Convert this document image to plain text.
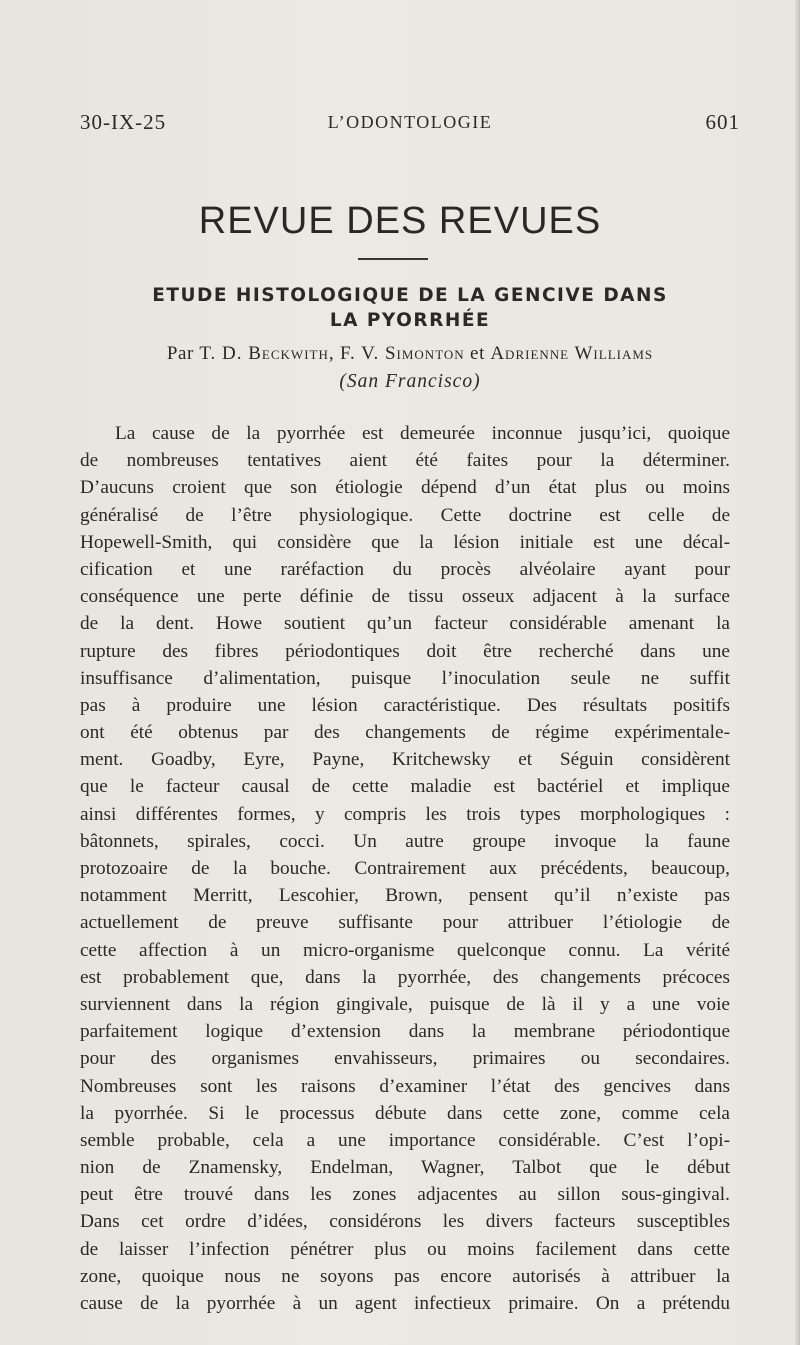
30-IX-25	L’ODONTOLOGIE	601
REVUE DES REVUES
ETUDE HISTOLOGIQUE DE LA GENCIVE DANS
LA PYORRHÉE
Par T. D. Beckwith, F. V. Simonton et Adrienne Williams
(San Francisco)
La cause de la pyorrhée est demeurée inconnue jusqu’ici, quoique
de nombreuses tentatives aient été faites pour la déterminer.
D’aucuns croient que son étiologie dépend d’un état plus ou moins
généralisé de l’être physiologique. Cette doctrine est celle de
Hopewell-Smith, qui considère que la lésion initiale est une décal-
cification et une raréfaction du procès alvéolaire ayant pour
conséquence une perte définie de tissu osseux adjacent à la surface
de la dent. Howe soutient qu’un facteur considérable amenant la
rupture des fibres périodontiques doit être recherché dans une
insuffisance d’alimentation, puisque l’inoculation seule ne suffit
pas à produire une lésion caractéristique. Des résultats positifs
ont été obtenus par des changements de régime expérimentale-
ment. Goadby, Eyre, Payne, Kritchewsky et Séguin considèrent
que le facteur causal de cette maladie est bactériel et implique
ainsi différentes formes, y compris les trois types morphologiques :
bâtonnets, spirales, cocci. Un autre groupe invoque la faune
protozoaire de la bouche. Contrairement aux précédents, beaucoup,
notamment Merritt, Lescohier, Brown, pensent qu’il n’existe pas
actuellement de preuve suffisante pour attribuer l’étiologie de
cette affection à un micro-organisme quelconque connu. La vérité
est probablement que, dans la pyorrhée, des changements précoces
surviennent dans la région gingivale, puisque de là il y a une voie
parfaitement logique d’extension dans la membrane périodontique
pour des organismes envahisseurs, primaires ou secondaires.
Nombreuses sont les raisons d’examiner l’état des gencives dans
la pyorrhée. Si le processus débute dans cette zone, comme cela
semble probable, cela a une importance considérable. C’est l’opi-
nion de Znamensky, Endelman, Wagner, Talbot que le début
peut être trouvé dans les zones adjacentes au sillon sous-gingival.
Dans cet ordre d’idées, considérons les divers facteurs susceptibles
de laisser l’infection pénétrer plus ou moins facilement dans cette
zone, quoique nous ne soyons pas encore autorisés à attribuer la
cause de la pyorrhée à un agent infectieux primaire. On a prétendu
